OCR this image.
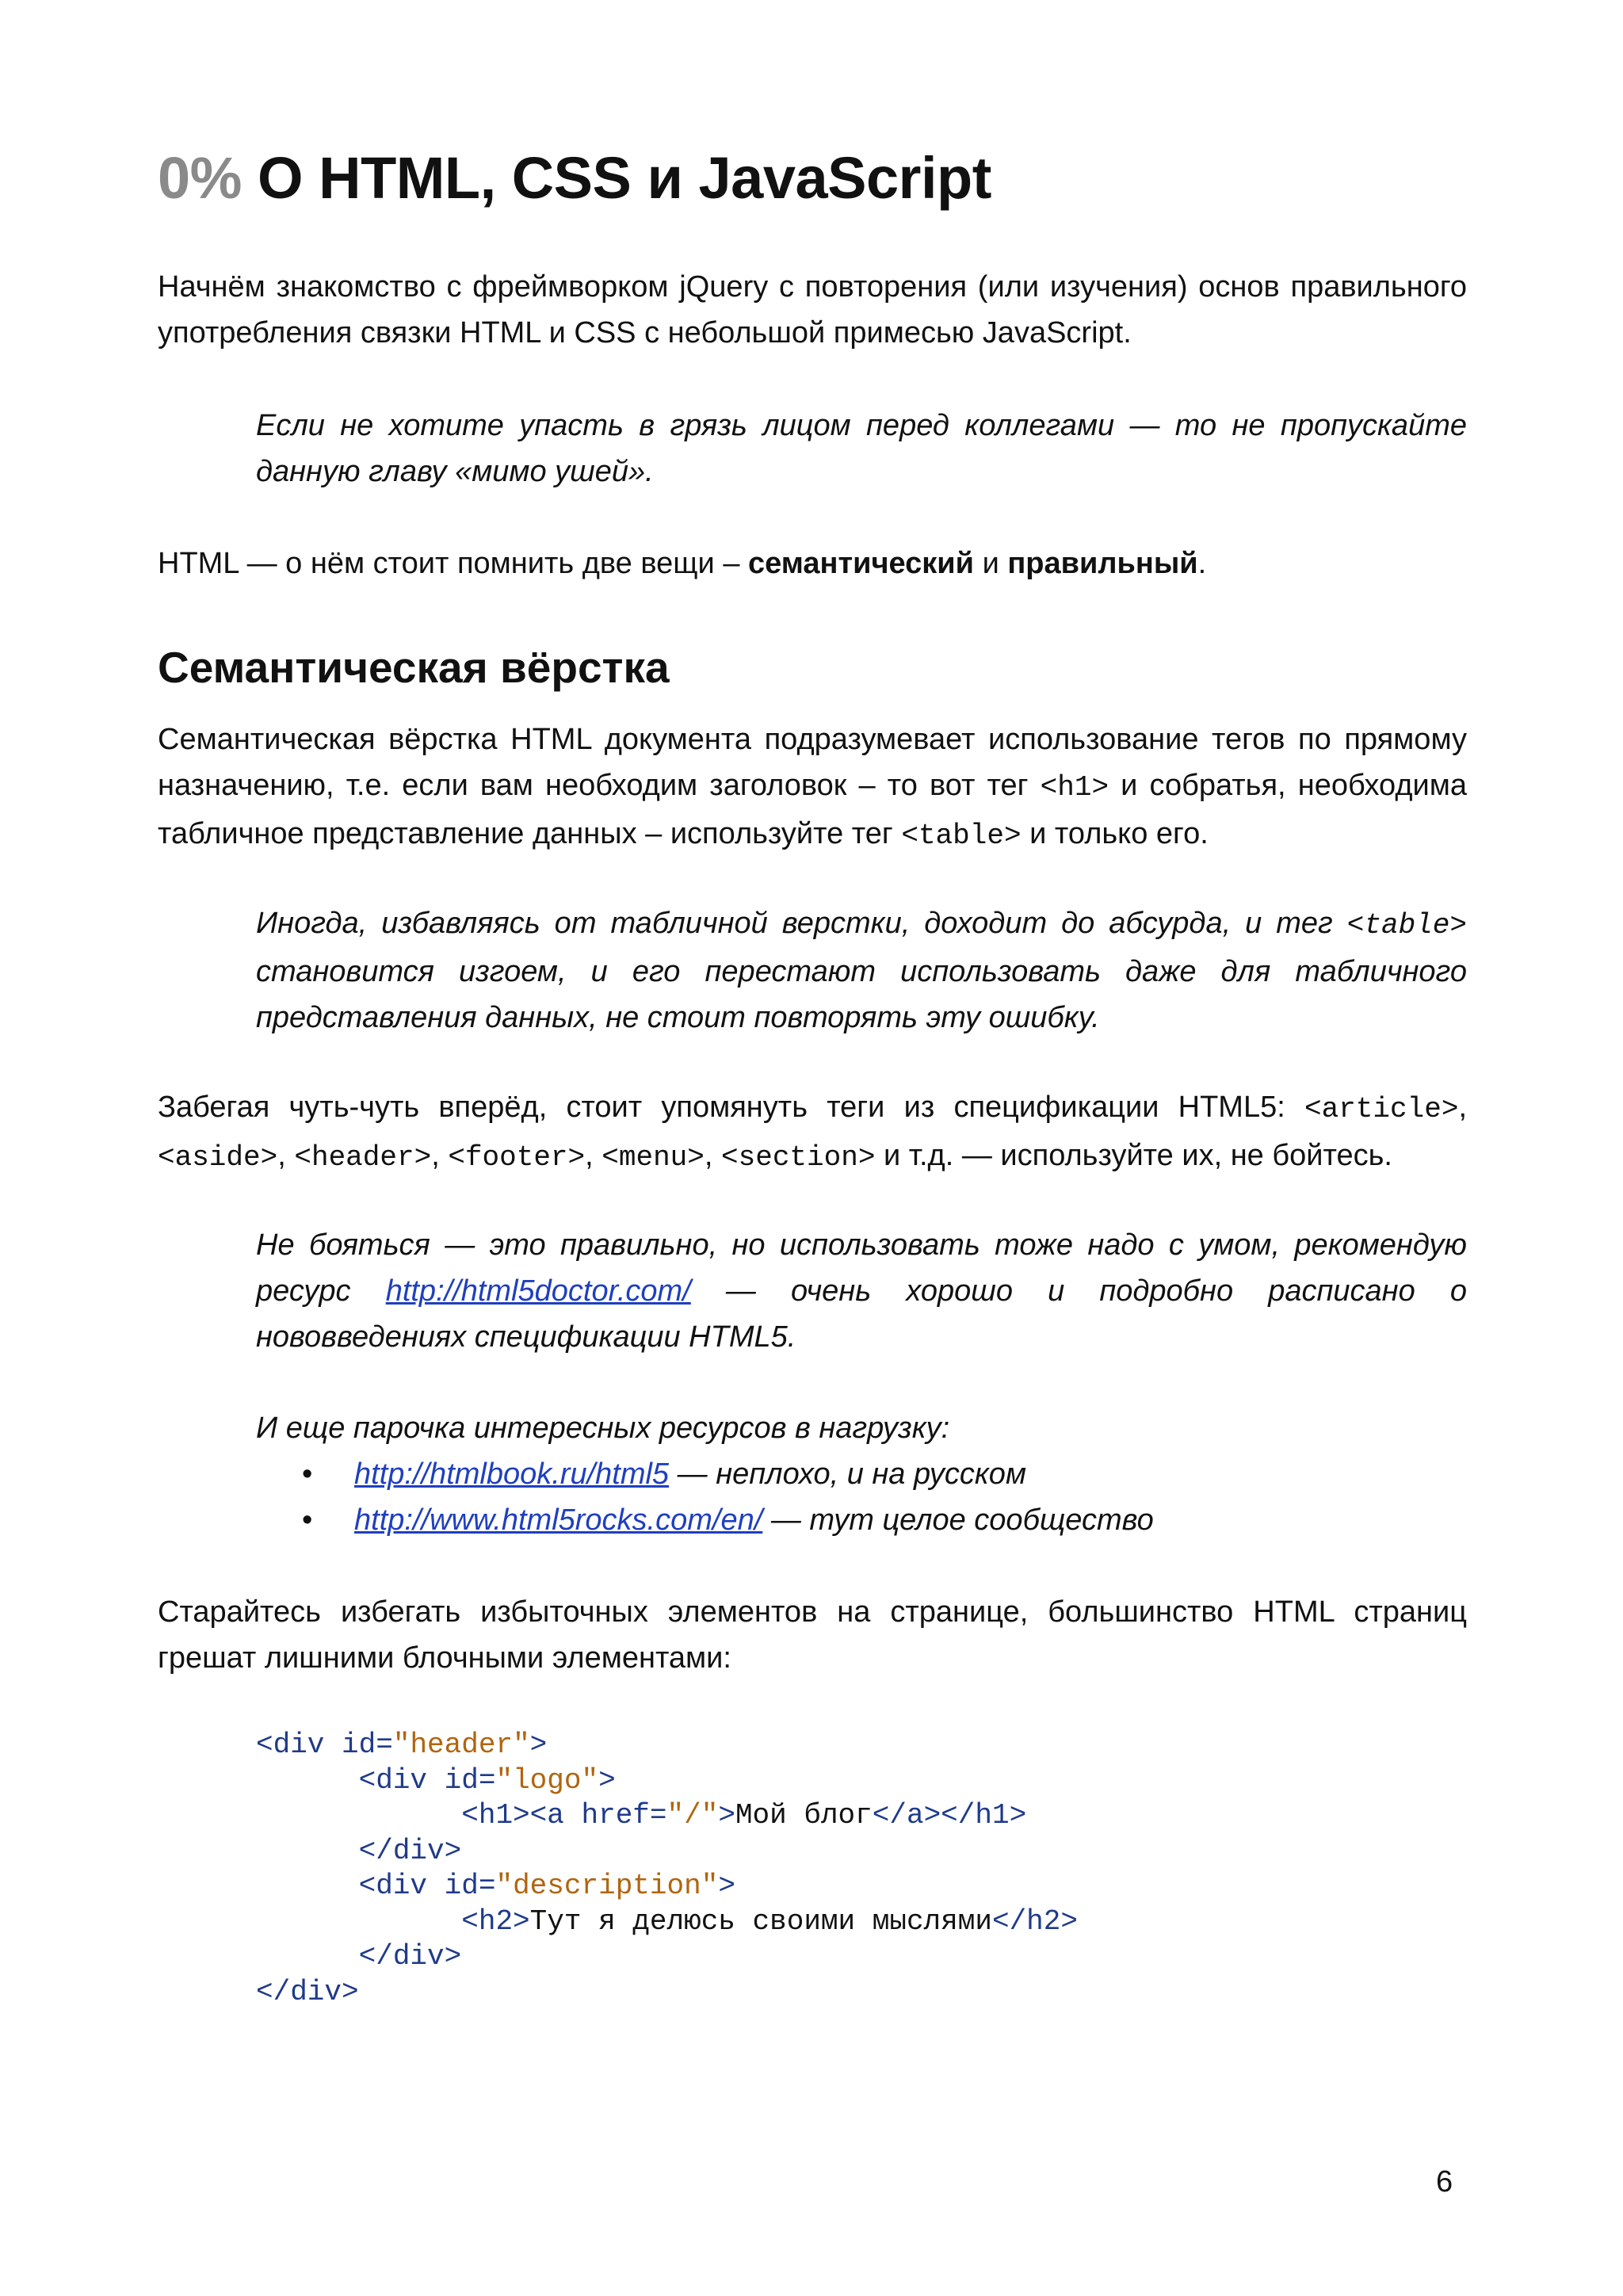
0% О HTML, CSS и JavaScript

Начнём знакомство с фреймворком jQuery с повторения (или изучения) основ правильного употребления связки HTML и CSS с небольшой примесью JavaScript.

Если не хотите упасть в грязь лицом перед коллегами — то не пропускайте данную главу «мимо ушей».

HTML — о нём стоит помнить две вещи – семантический и правильный.

Семантическая вёрстка

Семантическая вёрстка HTML документа подразумевает использование тегов по прямому назначению, т.е. если вам необходим заголовок – то вот тег <h1> и собратья, необходима табличное представление данных – используйте тег <table> и только его.

Иногда, избавляясь от табличной верстки, доходит до абсурда, и тег <table> становится изгоем, и его перестают использовать даже для табличного представления данных, не стоит повторять эту ошибку.

Забегая чуть-чуть вперёд, стоит упомянуть теги из спецификации HTML5: <article>, <aside>, <header>, <footer>, <menu>, <section> и т.д. — используйте их, не бойтесь.

Не бояться — это правильно, но использовать тоже надо с умом, рекомендую ресурс http://html5doctor.com/ — очень хорошо и подробно расписано о нововведениях спецификации HTML5.

И еще парочка интересных ресурсов в нагрузку:

• http://htmlbook.ru/html5 — неплохо, и на русском
• http://www.html5rocks.com/en/ — тут целое сообщество

Старайтесь избегать избыточных элементов на странице, большинство HTML страниц грешат лишними блочными элементами:

<div id="header">
<div id="logo">
<h1><a href="/">Мой блог</a></h1>
</div>
<div id="description">
<h2>Тут я делюсь своими мыслями</h2>
</div>
</div>
6
